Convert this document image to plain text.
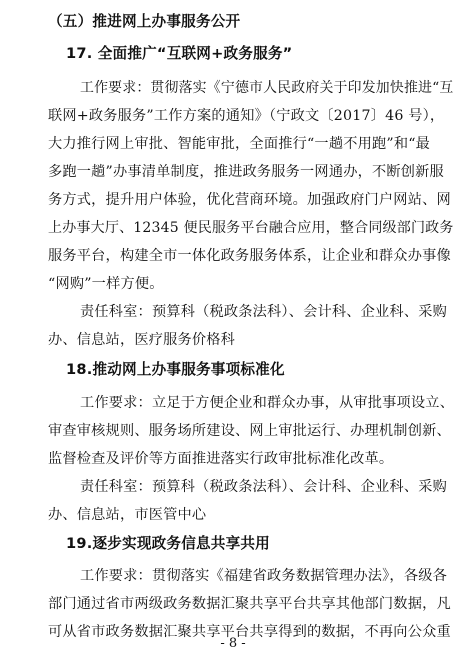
（五）推进网上办事服务公开
17. 全面推广“互联网+政务服务”
工作要求：贯彻落实《宁德市人民政府关于印发加快推进“互
联网+政务服务”工作方案的通知》（宁政文〔2017〕46 号），
大力推行网上审批、智能审批，全面推行“一趟不用跑”和“最
多跑一趟”办事清单制度，推进政务服务一网通办，不断创新服
务方式，提升用户体验，优化营商环境。加强政府门户网站、网
上办事大厅、12345 便民服务平台融合应用，整合同级部门政务
服务平台，构建全市一体化政务服务体系，让企业和群众办事像
“网购”一样方便。
责任科室：预算科（税政条法科）、会计科、企业科、采购
办、信息站，医疗服务价格科
18.推动网上办事服务事项标准化
工作要求：立足于方便企业和群众办事，从审批事项设立、
审查审核规则、服务场所建设、网上审批运行、办理机制创新、
监督检查及评价等方面推进落实行政审批标准化改革。
责任科室：预算科（税政条法科）、会计科、企业科、采购
办、信息站，市医管中心
19.逐步实现政务信息共享共用
工作要求：贯彻落实《福建省政务数据管理办法》，各级各
部门通过省市两级政务数据汇聚共享平台共享其他部门数据，凡
可从省市政务数据汇聚共享平台共享得到的数据，不再向公众重
- 8 -
